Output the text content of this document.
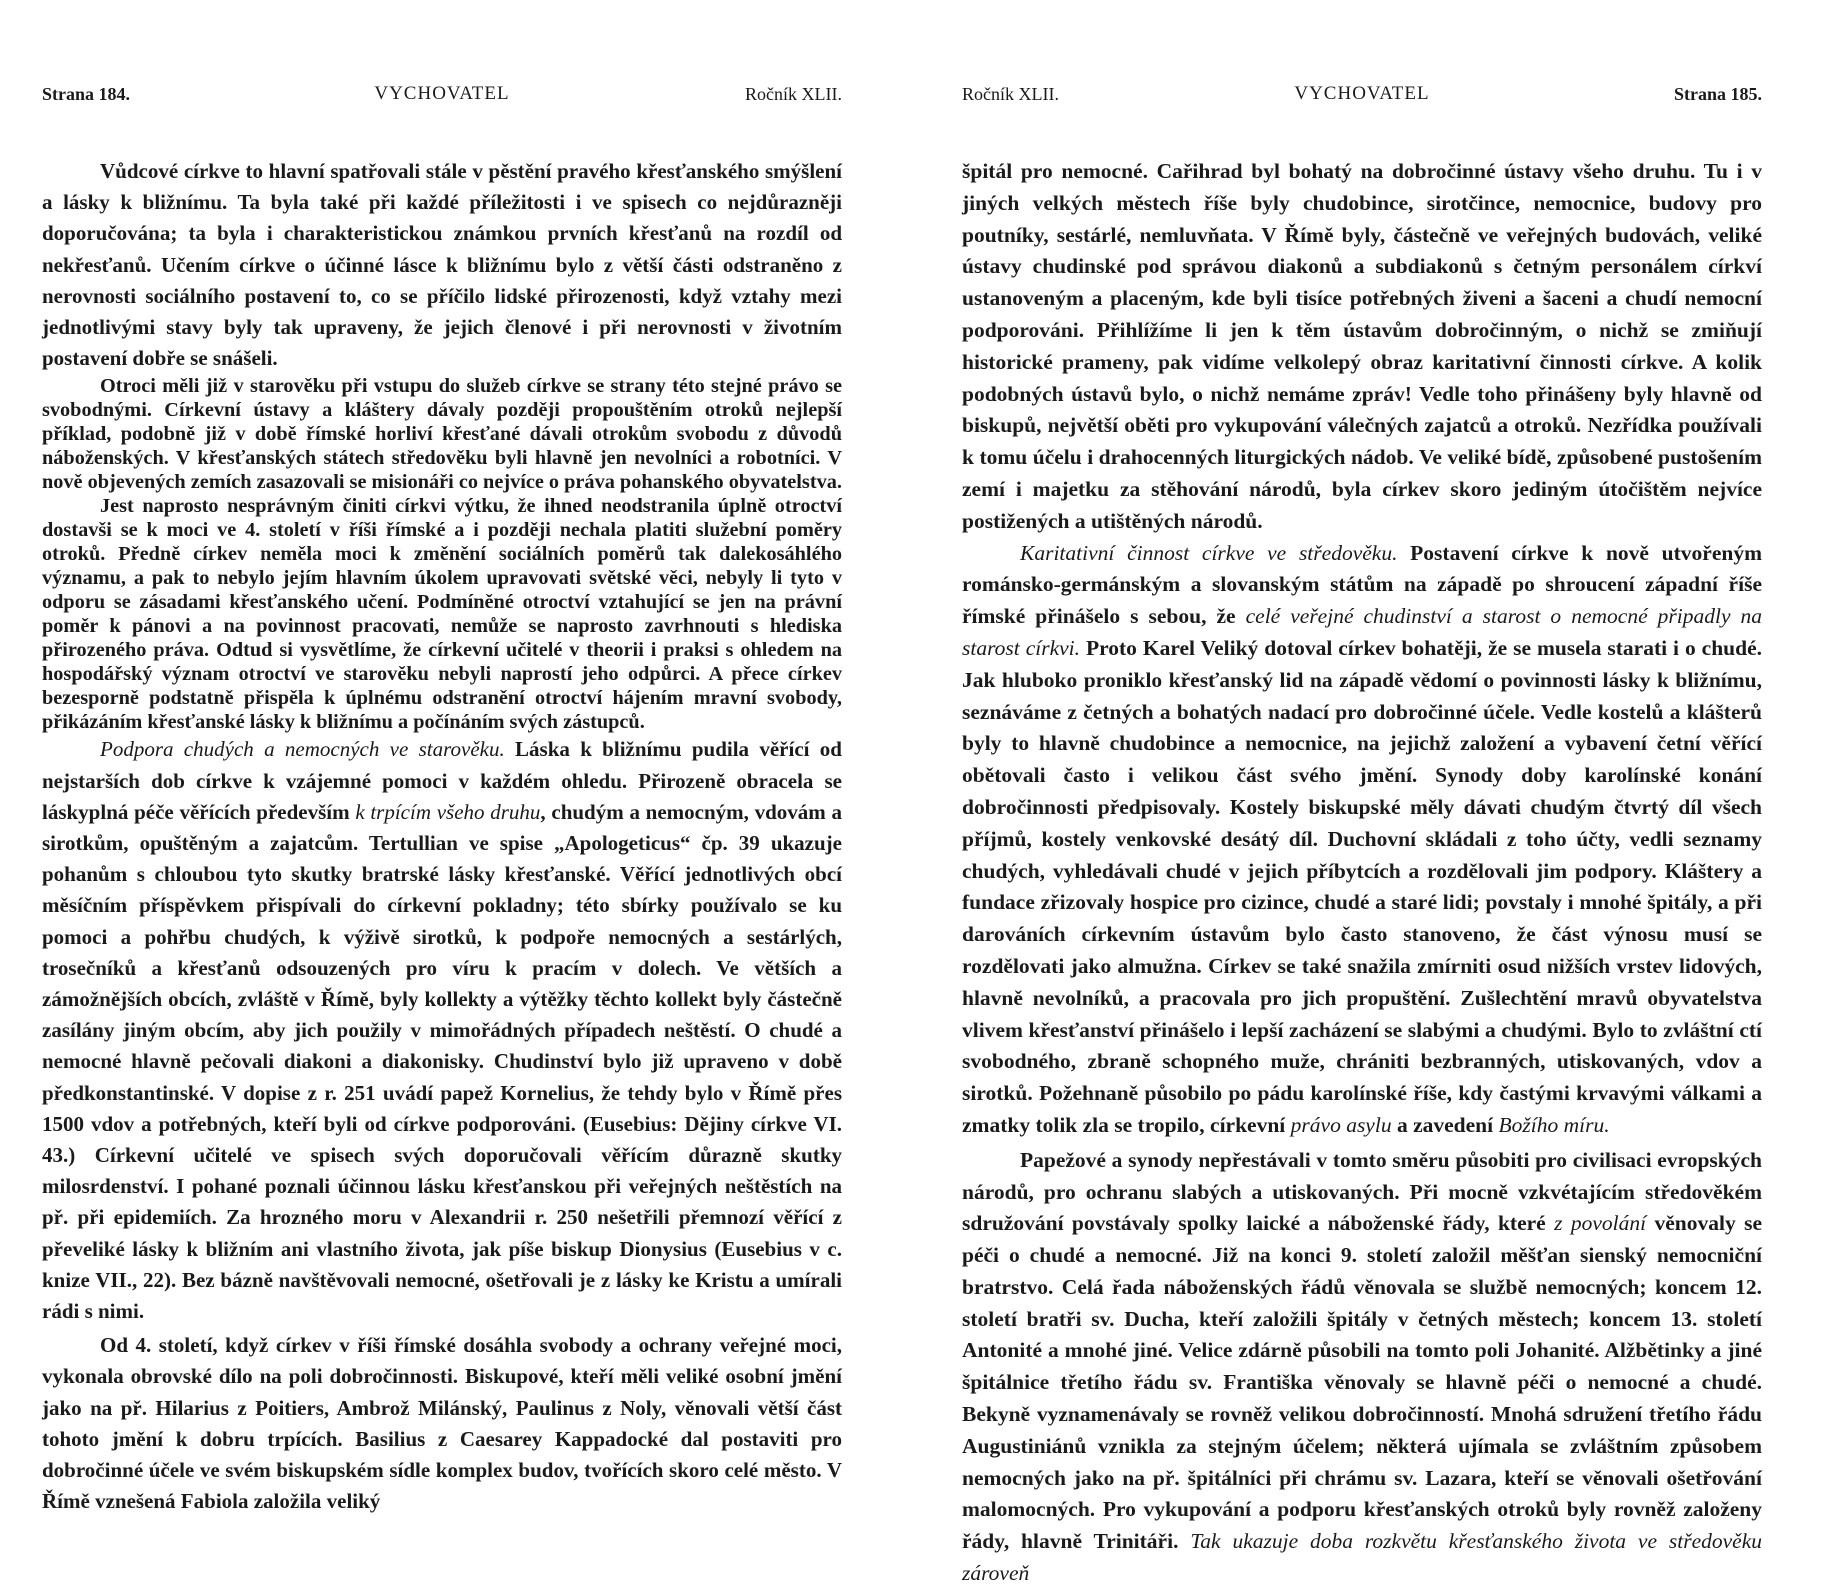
Strana 184.	VYCHOVATEL	Ročník XLII.

Vůdcové církve to hlavní spatřovali stále v pěstění pravého křesťanského smýšlení a lásky k bližnímu. Ta byla také při každé příležitosti i ve spisech co nejdůrazněji doporučována; ta byla i charakteristickou známkou prvních křesťanů na rozdíl od nekřesťanů. Učením církve o účinné lásce k bližnímu bylo z větší části odstraněno z nerovnosti sociálního postavení to, co se příčilo lidské přirozenosti, když vztahy mezi jednotlivými stavy byly tak upraveny, že jejich členové i při nerovnosti v životním postavení dobře se snášeli.

Otroci měli již v starověku při vstupu do služeb církve se strany této stejné právo se svobodnými. Církevní ústavy a kláštery dávaly později propouštěním otroků nejlepší příklad, podobně již v době římské horliví křesťané dávali otrokům svobodu z důvodů náboženských. V křesťanských státech středověku byli hlavně jen nevolníci a robotníci. V nově objevených zemích zasazovali se misionáři co nejvíce o práva pohanského obyvatelstva.

Jest naprosto nesprávným činiti církvi výtku, že ihned neodstranila úplně otroctví dostavši se k moci ve 4. století v říši římské a i později nechala platiti služební poměry otroků. Předně církev neměla moci k změnění sociálních poměrů tak dalekosáhlého významu, a pak to nebylo jejím hlavním úkolem upravovati světské věci, nebyly li tyto v odporu se zásadami křesťanského učení. Podmíněné otroctví vztahující se jen na právní poměr k pánovi a na povinnost pracovati, nemůže se naprosto zavrhnouti s hlediska přirozeného práva. Odtud si vysvětlíme, že církevní učitelé v theorii i praksi s ohledem na hospodářský význam otroctví ve starověku nebyli naprostí jeho odpůrci. A přece církev bezesporně podstatně přispěla k úplnému odstranění otroctví hájením mravní svobody, přikázáním křesťanské lásky k bližnímu a počínáním svých zástupců.

Podpora chudých a nemocných ve starověku. Láska k bližnímu pudila věřící od nejstarších dob církve k vzájemné pomoci v každém ohledu. Přirozeně obracela se láskyplná péče věřících především k trpícím všeho druhu, chudým a nemocným, vdovám a sirotkům, opuštěným a zajatcům. Tertullian ve spise „Apologeticus“ čp. 39 ukazuje pohanům s chloubou tyto skutky bratrské lásky křesťanské. Věřící jednotlivých obcí měsíčním příspěvkem přispívali do církevní pokladny; této sbírky používalo se ku pomoci a pohřbu chudých, k výživě sirotků, k podpoře nemocných a sestárlých, trosečníků a křesťanů odsouzených pro víru k pracím v dolech. Ve větších a zámožnějších obcích, zvláště v Římě, byly kollekty a výtěžky těchto kollekt byly částečně zasílány jiným obcím, aby jich použily v mimořádných případech neštěstí. O chudé a nemocné hlavně pečovali diakoni a diakonisky. Chudinství bylo již upraveno v době předkonstantinské. V dopise z r. 251 uvádí papež Kornelius, že tehdy bylo v Římě přes 1500 vdov a potřebných, kteří byli od církve podporováni. (Eusebius: Dějiny církve VI. 43.) Církevní učitelé ve spisech svých doporučovali věřícím důrazně skutky milosrdenství. I pohané poznali účinnou lásku křesťanskou při veřejných neštěstích na př. při epidemiích. Za hrozného moru v Alexandrii r. 250 nešetřili přemnozí věřící z převeliké lásky k bližním ani vlastního života, jak píše biskup Dionysius (Eusebius v c. knize VII., 22). Bez bázně navštěvovali nemocné, ošetřovali je z lásky ke Kristu a umírali rádi s nimi.

Od 4. století, když církev v říši římské dosáhla svobody a ochrany veřejné moci, vykonala obrovské dílo na poli dobročinnosti. Biskupové, kteří měli veliké osobní jmění jako na př. Hilarius z Poitiers, Ambrož Milánský, Paulinus z Noly, věnovali větší část tohoto jmění k dobru trpících. Basilius z Caesarey Kappadocké dal postaviti pro dobročinné účele ve svém biskupském sídle komplex budov, tvořících skoro celé město. V Římě vznešená Fabiola založila veliký

Ročník XLII.	VYCHOVATEL	Strana 185.

špitál pro nemocné. Cařihrad byl bohatý na dobročinné ústavy všeho druhu. Tu i v jiných velkých městech říše byly chudobince, sirotčince, nemocnice, budovy pro poutníky, sestárlé, nemluvňata. V Římě byly, částečně ve veřejných budovách, veliké ústavy chudinské pod správou diakonů a subdiakonů s četným personálem církví ustanoveným a placeným, kde byli tisíce potřebných živeni a šaceni a chudí nemocní podporováni. Přihlížíme li jen k těm ústavům dobročinným, o nichž se zmiňují historické prameny, pak vidíme velkolepý obraz karitativní činnosti církve. A kolik podobných ústavů bylo, o nichž nemáme zpráv! Vedle toho přinášeny byly hlavně od biskupů, největší oběti pro vykupování válečných zajatců a otroků. Nezřídka používali k tomu účelu i drahocenných liturgických nádob. Ve veliké bídě, způsobené pustošením zemí i majetku za stěhování národů, byla církev skoro jediným útočištěm nejvíce postižených a utištěných národů.

Karitativní činnost církve ve středověku. Postavení církve k nově utvořeným románsko-germánským a slovanským státům na západě po shroucení západní říše římské přinášelo s sebou, že celé veřejné chudinství a starost o nemocné připadly na starost církvi. Proto Karel Veliký dotoval církev bohatěji, že se musela starati i o chudé. Jak hluboko proniklo křesťanský lid na západě vědomí o povinnosti lásky k bližnímu, seznáváme z četných a bohatých nadací pro dobročinné účele. Vedle kostelů a klášterů byly to hlavně chudobince a nemocnice, na jejichž založení a vybavení četní věřící obětovali často i velikou část svého jmění. Synody doby karolínské konání dobročinnosti předpisovaly. Kostely biskupské měly dávati chudým čtvrtý díl všech příjmů, kostely venkovské desátý díl. Duchovní skládali z toho účty, vedli seznamy chudých, vyhledávali chudé v jejich příbytcích a rozdělovali jim podpory. Kláštery a fundace zřizovaly hospice pro cizince, chudé a staré lidi; povstaly i mnohé špitály, a při darováních církevním ústavům bylo často stanoveno, že část výnosu musí se rozdělovati jako almužna. Církev se také snažila zmírniti osud nižších vrstev lidových, hlavně nevolníků, a pracovala pro jich propuštění. Zušlechtění mravů obyvatelstva vlivem křesťanství přinášelo i lepší zacházení se slabými a chudými. Bylo to zvláštní ctí svobodného, zbraně schopného muže, chrániti bezbranných, utiskovaných, vdov a sirotků. Požehnaně působilo po pádu karolínské říše, kdy častými krvavými válkami a zmatky tolik zla se tropilo, církevní právo asylu a zavedení Božího míru.

Papežové a synody nepřestávali v tomto směru působiti pro civilisaci evropských národů, pro ochranu slabých a utiskovaných. Při mocně vzkvétajícím středověkém sdružování povstávaly spolky laické a náboženské řády, které z povolání věnovaly se péči o chudé a nemocné. Již na konci 9. století založil měšťan sienský nemocniční bratrstvo. Celá řada náboženských řádů věnovala se službě nemocných; koncem 12. století bratři sv. Ducha, kteří založili špitály v četných městech; koncem 13. století Antonité a mnohé jiné. Velice zdárně působili na tomto poli Johanité. Alžbětinky a jiné špitálnice třetího řádu sv. Františka věnovaly se hlavně péči o nemocné a chudé. Bekyně vyznamenávaly se rovněž velikou dobročinností. Mnohá sdružení třetího řádu Augustiniánů vznikla za stejným účelem; některá ujímala se zvláštním způsobem nemocných jako na př. špitálníci při chrámu sv. Lazara, kteří se věnovali ošetřování malomocných. Pro vykupování a podporu křesťanských otroků byly rovněž založeny řády, hlavně Trinitáři. Tak ukazuje doba rozkvětu křesťanského života ve středověku zároveň
